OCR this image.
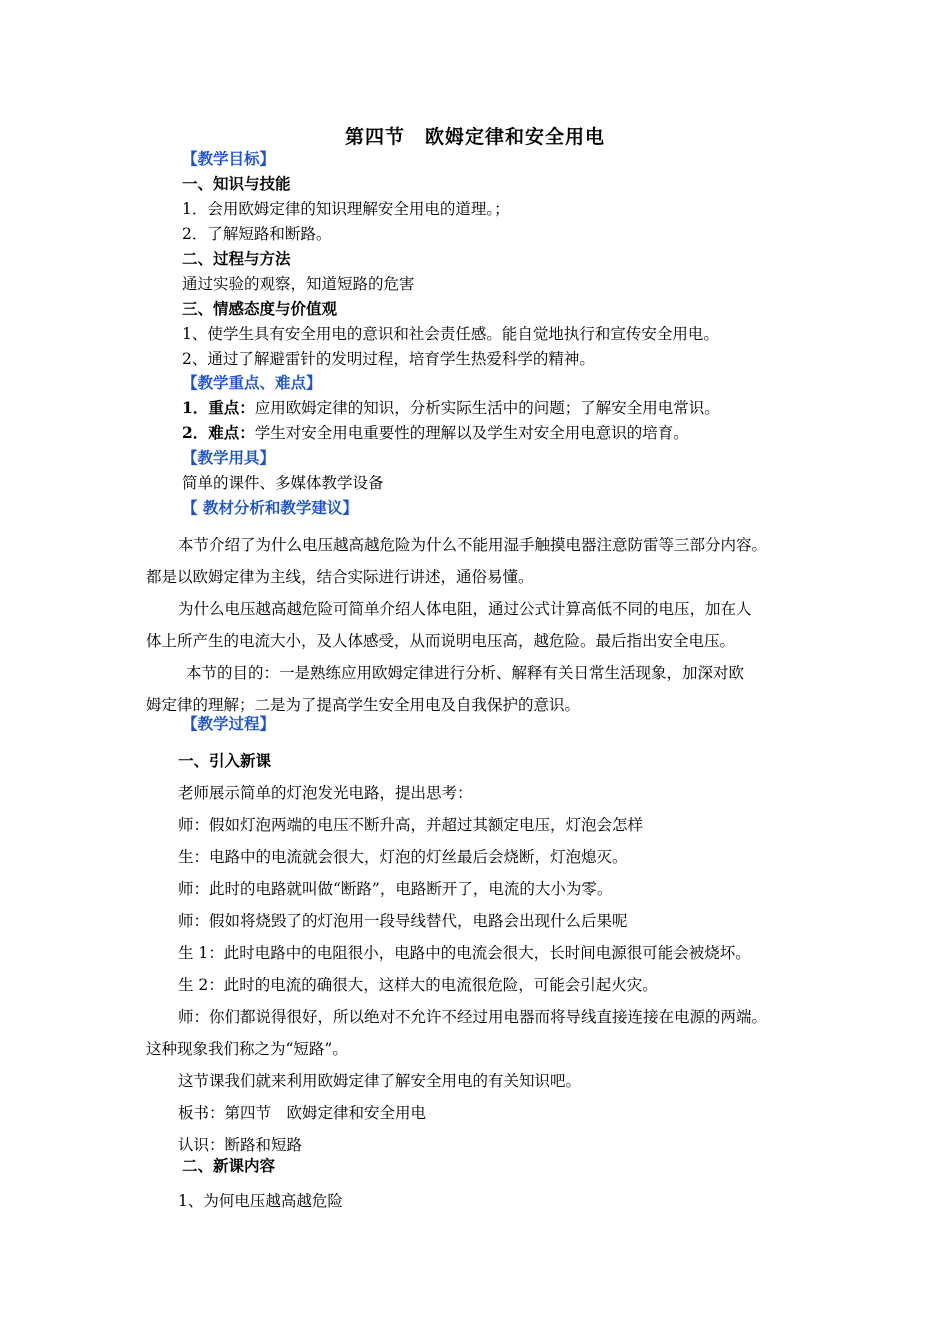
第四节　欧姆定律和安全用电
【教学目标】
一、知识与技能
1．会用欧姆定律的知识理解安全用电的道理。；
2．了解短路和断路。
二、过程与方法
通过实验的观察，知道短路的危害
三、情感态度与价值观
1、使学生具有安全用电的意识和社会责任感。能自觉地执行和宣传安全用电。
2、通过了解避雷针的发明过程，培育学生热爱科学的精神。
【教学重点、难点】
1．重点：应用欧姆定律的知识，分析实际生活中的问题；了解安全用电常识。
2．难点：学生对安全用电重要性的理解以及学生对安全用电意识的培育。
【教学用具】
简单的课件、多媒体教学设备
【 教材分析和教学建议】
本节介绍了为什么电压越高越危险为什么不能用湿手触摸电器注意防雷等三部分内容。
都是以欧姆定律为主线，结合实际进行讲述，通俗易懂。
为什么电压越高越危险可简单介绍人体电阻，通过公式计算高低不同的电压，加在人
体上所产生的电流大小，及人体感受，从而说明电压高，越危险。最后指出安全电压。
本节的目的：一是熟练应用欧姆定律进行分析、解释有关日常生活现象，加深对欧
姆定律的理解；二是为了提高学生安全用电及自我保护的意识。
【教学过程】
一、引入新课
老师展示简单的灯泡发光电路，提出思考：
师：假如灯泡两端的电压不断升高，并超过其额定电压，灯泡会怎样
生：电路中的电流就会很大，灯泡的灯丝最后会烧断，灯泡熄灭。
师：此时的电路就叫做“断路”，电路断开了，电流的大小为零。
师：假如将烧毁了的灯泡用一段导线替代，电路会出现什么后果呢
生 1：此时电路中的电阻很小，电路中的电流会很大，长时间电源很可能会被烧坏。
生 2：此时的电流的确很大，这样大的电流很危险，可能会引起火灾。
师：你们都说得很好，所以绝对不允许不经过用电器而将导线直接连接在电源的两端。
这种现象我们称之为“短路”。
这节课我们就来利用欧姆定律了解安全用电的有关知识吧。
板书：第四节　欧姆定律和安全用电
认识：断路和短路
二、新课内容
1、为何电压越高越危险
